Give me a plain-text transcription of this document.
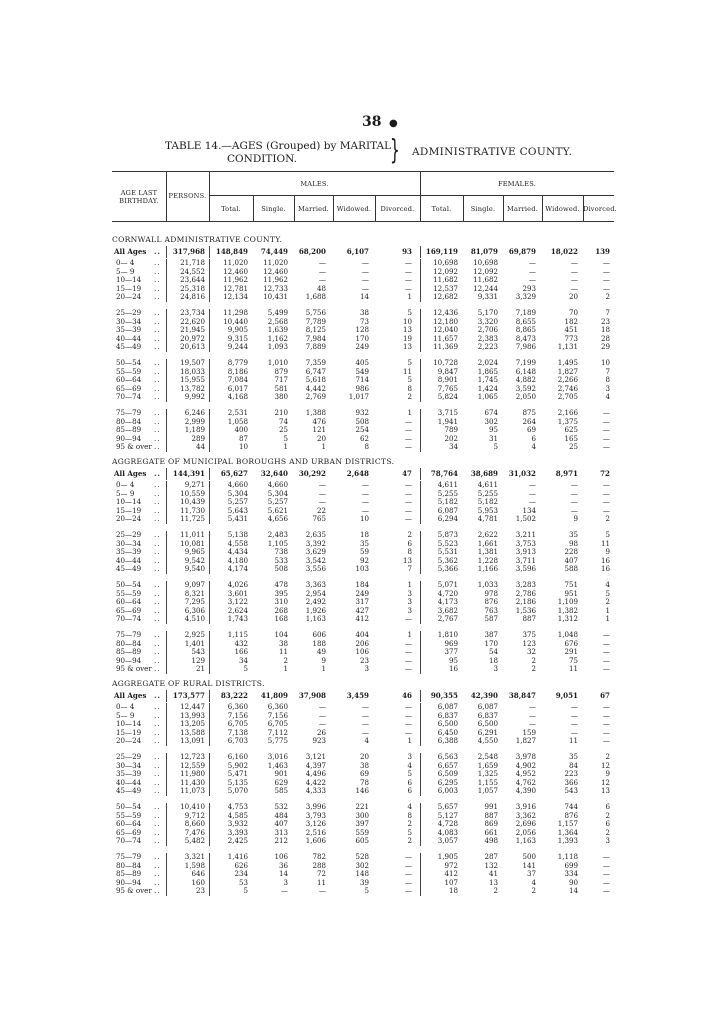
38 ●
TABLE 14.—AGES (Grouped) by MARITAL
CONDITION.	} ADMINISTRATIVE COUNTY.
AGE LAST
BIRTHDAY.
PERSONS.
MALES.	FEMALES.
Total.	Single.	Married.	Widowed.	Divorced.	Total.	Single.	Married.	Widowed. Divorced.
CORNWALL ADMINISTRATIVE COUNTY.
All Ages .. 317,968 148,849 74,449 68,200	6,107	93 169,119 81,079 69,879 18,022 139
0— 4	..	21,718	11,020 11,020	—	—	—	10,698 10,698	—	—	—
5— 9	..	24,552	12,460 12,460	—	—	—	12,092 12,092	—	—	—
10—14 ..	23,644	11,962 11,962	—	—	—	11,682 11,682	—	—	—
15—19 ..	25,318	12,781 12,733	48	—	—	12,537 12,244	293	—	—
20—24 ..	24,816	12,134 10,431 1,688	14	1	12,682	9,331 3,329	20	2
25—29 ..	23,734	11,298	5,499 5,756	38	5	12,436	5,170 7,189	70	7
30—34 ..	22,620	10,440	2,568 7,789	73	10	12,180	3,320 8,655	182	23
35—39 ..	21,945	9,905	1,639 8,125	128	13	12,040	2,706 8,865	451	18
40—44 ..	20,972	9,315	1,162 7,984	170	19	11,657	2,383 8,473	773	28
45—49 ..	20,613	9,244	1,093 7,889	249	13	11,369	2,223 7,986	1,131	29
50—54 ..	19,507	8,779	1,010 7,359	405	5	10,728	2,024 7,199	1,495	10
55—59 ..	18,033	8,186	879 6,747	549	11	9,847	1,865 6,148	1,827	7
60—64 ..	15,955	7,084	717 5,618	714	5	8,901	1,745 4,882	2,266	8
65—69 ..	13,782	6,017	581 4,442	986	8	7,765	1,424 3,592	2,746	3
70—74 ..	9,992	4,168	380 2,769	1,017	2	5,824	1,065 2,050	2,705	4
75—79 ..	6,246	2,531	210 1,388	932	1	3,715	674	875	2,166	—
80—84 ..	2,999	1,058	74	476	508	—	1,941	302	264	1,375	—
85—89 ..	1,189	400	25	121	254	—	789	95	69	625	—
90—94 ..	289	87	5	20	62	—	202	31	6	165	—
95 & over ..	44	10	1	1	8	—	34	5	4	25	—
AGGREGATE OF MUNICIPAL BOROUGHS AND URBAN DISTRICTS.
All Ages .. 144,391 65,627 32,640 30,292	2,648	47	78,764 38,689 31,032	8,971	72
0— 4	..	9,271	4,660	4,660	—	—	—	4,611	4,611	—	—	—
5— 9	..	10,559	5,304	5,304	—	—	—	5,255	5,255	—	—	—
10—14 ..	10,439	5,257	5,257	—	—	—	5,182	5,182	—	—	—
15—19 ..	11,730	5,643	5,621	22	—	—	6,087	5,953	134	—	—
20—24 ..	11,725	5,431	4,656	765	10	—	6,294	4,781 1,502	9	2
25—29 ..	11,011	5,138	2,483 2,635	18	2	5,873	2,622 3,211	35	5
30—34 ..	10,081	4,558	1,105 3,392	35	6	5,523	1,661 3,753	98	11
35—39 ..	9,965	4,434	738 3,629	59	8	5,531	1,381 3,913	228	9
40—44 ..	9,542	4,180	533 3,542	92	13	5,362	1,228 3,711	407	16
45—49 ..	9,540	4,174	508 3,556	103	7	5,366	1,166 3,596	588	16
50—54 ..	9,097	4,026	478 3,363	184	1	5,071	1,033 3,283	751	4
55—59 ..	8,321	3,601	395 2,954	249	3	4,720	978 2,786	951	5
60—64 ..	7,295	3,122	310 2,492	317	3	4,173	876 2,186	1,109	2
65—69 ..	6,306	2,624	268 1,926	427	3	3,682	763 1,536	1,382	1
70—74 ..	4,510	1,743	168 1,163	412	—	2,767	587	887	1,312	1
75—79 ..	2,925	1,115	104	606	404	1	1,810	387	375	1,048	—
80—84 ..	1,401	432	38	188	206	—	969	170	123	676	—
85—89 ..	543	166	11	49	106	—	377	54	32	291	—
90—94 ..	129	34	2	9	23	—	95	18	2	75	—
95 & over ..	21	5	1	1	3	—	16	3	2	11	—
AGGREGATE OF RURAL DISTRICTS.
All Ages .. 173,577 83,222 41,809 37,908	3,459	46	90,355 42,390 38,847	9,051	67
0— 4	..	12,447	6,360	6,360	—	—	—	6,087	6,087	—	—	—
5— 9	..	13,993	7,156	7,156	—	—	—	6,837	6,837	—	—	—
10—14 ..	13,205	6,705	6,705	—	—	—	6,500	6,500	—	—	—
15—19 ..	13,588	7,138	7,112	26	—	—	6,450	6,291	159	—	—
20—24 ..	13,091	6,703	5,775	923	4	1	6,388	4,550 1,827	11	—
25—29 ..	12,723	6,160	3,016 3,121	20	3	6,563	2,548 3,978	35	2
30—34 ..	12,559	5,902	1,463 4,397	38	4	6,657	1,659 4,902	84	12
35—39 ..	11,980	5,471	901 4,496	69	5	6,509	1,325 4,952	223	9
40—44 ..	11,430	5,135	629 4,422	78	6	6,295	1,155 4,762	366	12
45—49 ..	11,073	5,070	585 4,333	146	6	6,003	1,057 4,390	543	13
50—54 ..	10,410	4,753	532 3,996	221	4	5,657	991 3,916	744	6
55—59 ..	9,712	4,585	484 3,793	300	8	5,127	887 3,362	876	2
60—64 ..	8,660	3,932	407 3,126	397	2	4,728	869 2,696	1,157	6
65—69 ..	7,476	3,393	313 2,516	559	5	4,083	661 2,056	1,364	2
70—74 ..	5,482	2,425	212 1,606	605	2	3,057	498 1,163	1,393	3
75—79 ..	3,321	1,416	106	782	528	—	1,905	287	500	1,118	—
80—84 ..	1,598	626	36	288	302	—	972	132	141	699	—
85—89 ..	646	234	14	72	148	—	412	41	37	334	—
90—94 ..	160	53	3	11	39	—	107	13	4	90	—
95 & over ..	23	5	—	—	5	—	18	2	2	14	—
